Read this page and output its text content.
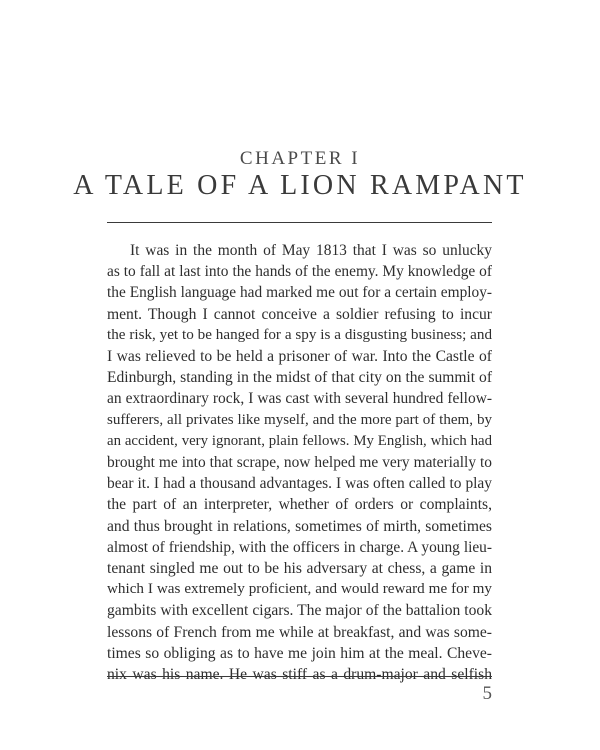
CHAPTER I
A TALE OF A LION RAMPANT
It was in the month of May 1813 that I was so unlucky
as to fall at last into the hands of the enemy. My knowledge of
the English language had marked me out for a certain employ-
ment. Though I cannot conceive a soldier refusing to incur
the risk, yet to be hanged for a spy is a disgusting business; and
I was relieved to be held a prisoner of war. Into the Castle of
Edinburgh, standing in the midst of that city on the summit of
an extraordinary rock, I was cast with several hundred fellow-
sufferers, all privates like myself, and the more part of them, by
an accident, very ignorant, plain fellows. My English, which had
brought me into that scrape, now helped me very materially to
bear it. I had a thousand advantages. I was often called to play
the part of an interpreter, whether of orders or complaints,
and thus brought in relations, sometimes of mirth, sometimes
almost of friendship, with the officers in charge. A young lieu-
tenant singled me out to be his adversary at chess, a game in
which I was extremely proficient, and would reward me for my
gambits with excellent cigars. The major of the battalion took
lessons of French from me while at breakfast, and was some-
times so obliging as to have me join him at the meal. Cheve-
nix was his name. He was stiff as a drum-major and selfish
5
